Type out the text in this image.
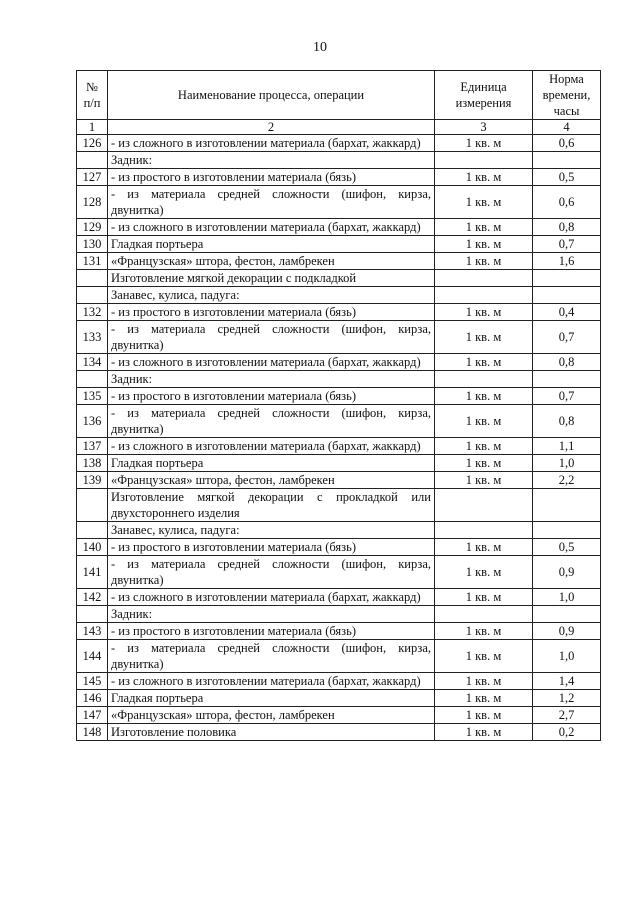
10
№ п/п	Наименование процесса, операции	Единица измерения	Норма времени, часы
1	2	3	4
126	- из сложного в изготовлении материала (бархат, жаккард)	1 кв. м	0,6
	Задник:		
127	- из простого в изготовлении материала (бязь)	1 кв. м	0,5
128	- из материала средней сложности (шифон, кирза, двунитка)	1 кв. м	0,6
129	- из сложного в изготовлении материала (бархат, жаккард)	1 кв. м	0,8
130	Гладкая портьера	1 кв. м	0,7
131	«Французская» штора, фестон, ламбрекен	1 кв. м	1,6
	Изготовление мягкой декорации с подкладкой		
	Занавес, кулиса, падуга:		
132	- из простого в изготовлении материала (бязь)	1 кв. м	0,4
133	- из материала средней сложности (шифон, кирза, двунитка)	1 кв. м	0,7
134	- из сложного в изготовлении материала (бархат, жаккард)	1 кв. м	0,8
	Задник:		
135	- из простого в изготовлении материала (бязь)	1 кв. м	0,7
136	- из материала средней сложности (шифон, кирза, двунитка)	1 кв. м	0,8
137	- из сложного в изготовлении материала (бархат, жаккард)	1 кв. м	1,1
138	Гладкая портьера	1 кв. м	1,0
139	«Французская» штора, фестон, ламбрекен	1 кв. м	2,2
	Изготовление мягкой декорации с прокладкой или двухстороннего изделия		
	Занавес, кулиса, падуга:		
140	- из простого в изготовлении материала (бязь)	1 кв. м	0,5
141	- из материала средней сложности (шифон, кирза, двунитка)	1 кв. м	0,9
142	- из сложного в изготовлении материала (бархат, жаккард)	1 кв. м	1,0
	Задник:		
143	- из простого в изготовлении материала (бязь)	1 кв. м	0,9
144	- из материала средней сложности (шифон, кирза, двунитка)	1 кв. м	1,0
145	- из сложного в изготовлении материала (бархат, жаккард)	1 кв. м	1,4
146	Гладкая портьера	1 кв. м	1,2
147	«Французская» штора, фестон, ламбрекен	1 кв. м	2,7
148	Изготовление половика	1 кв. м	0,2
